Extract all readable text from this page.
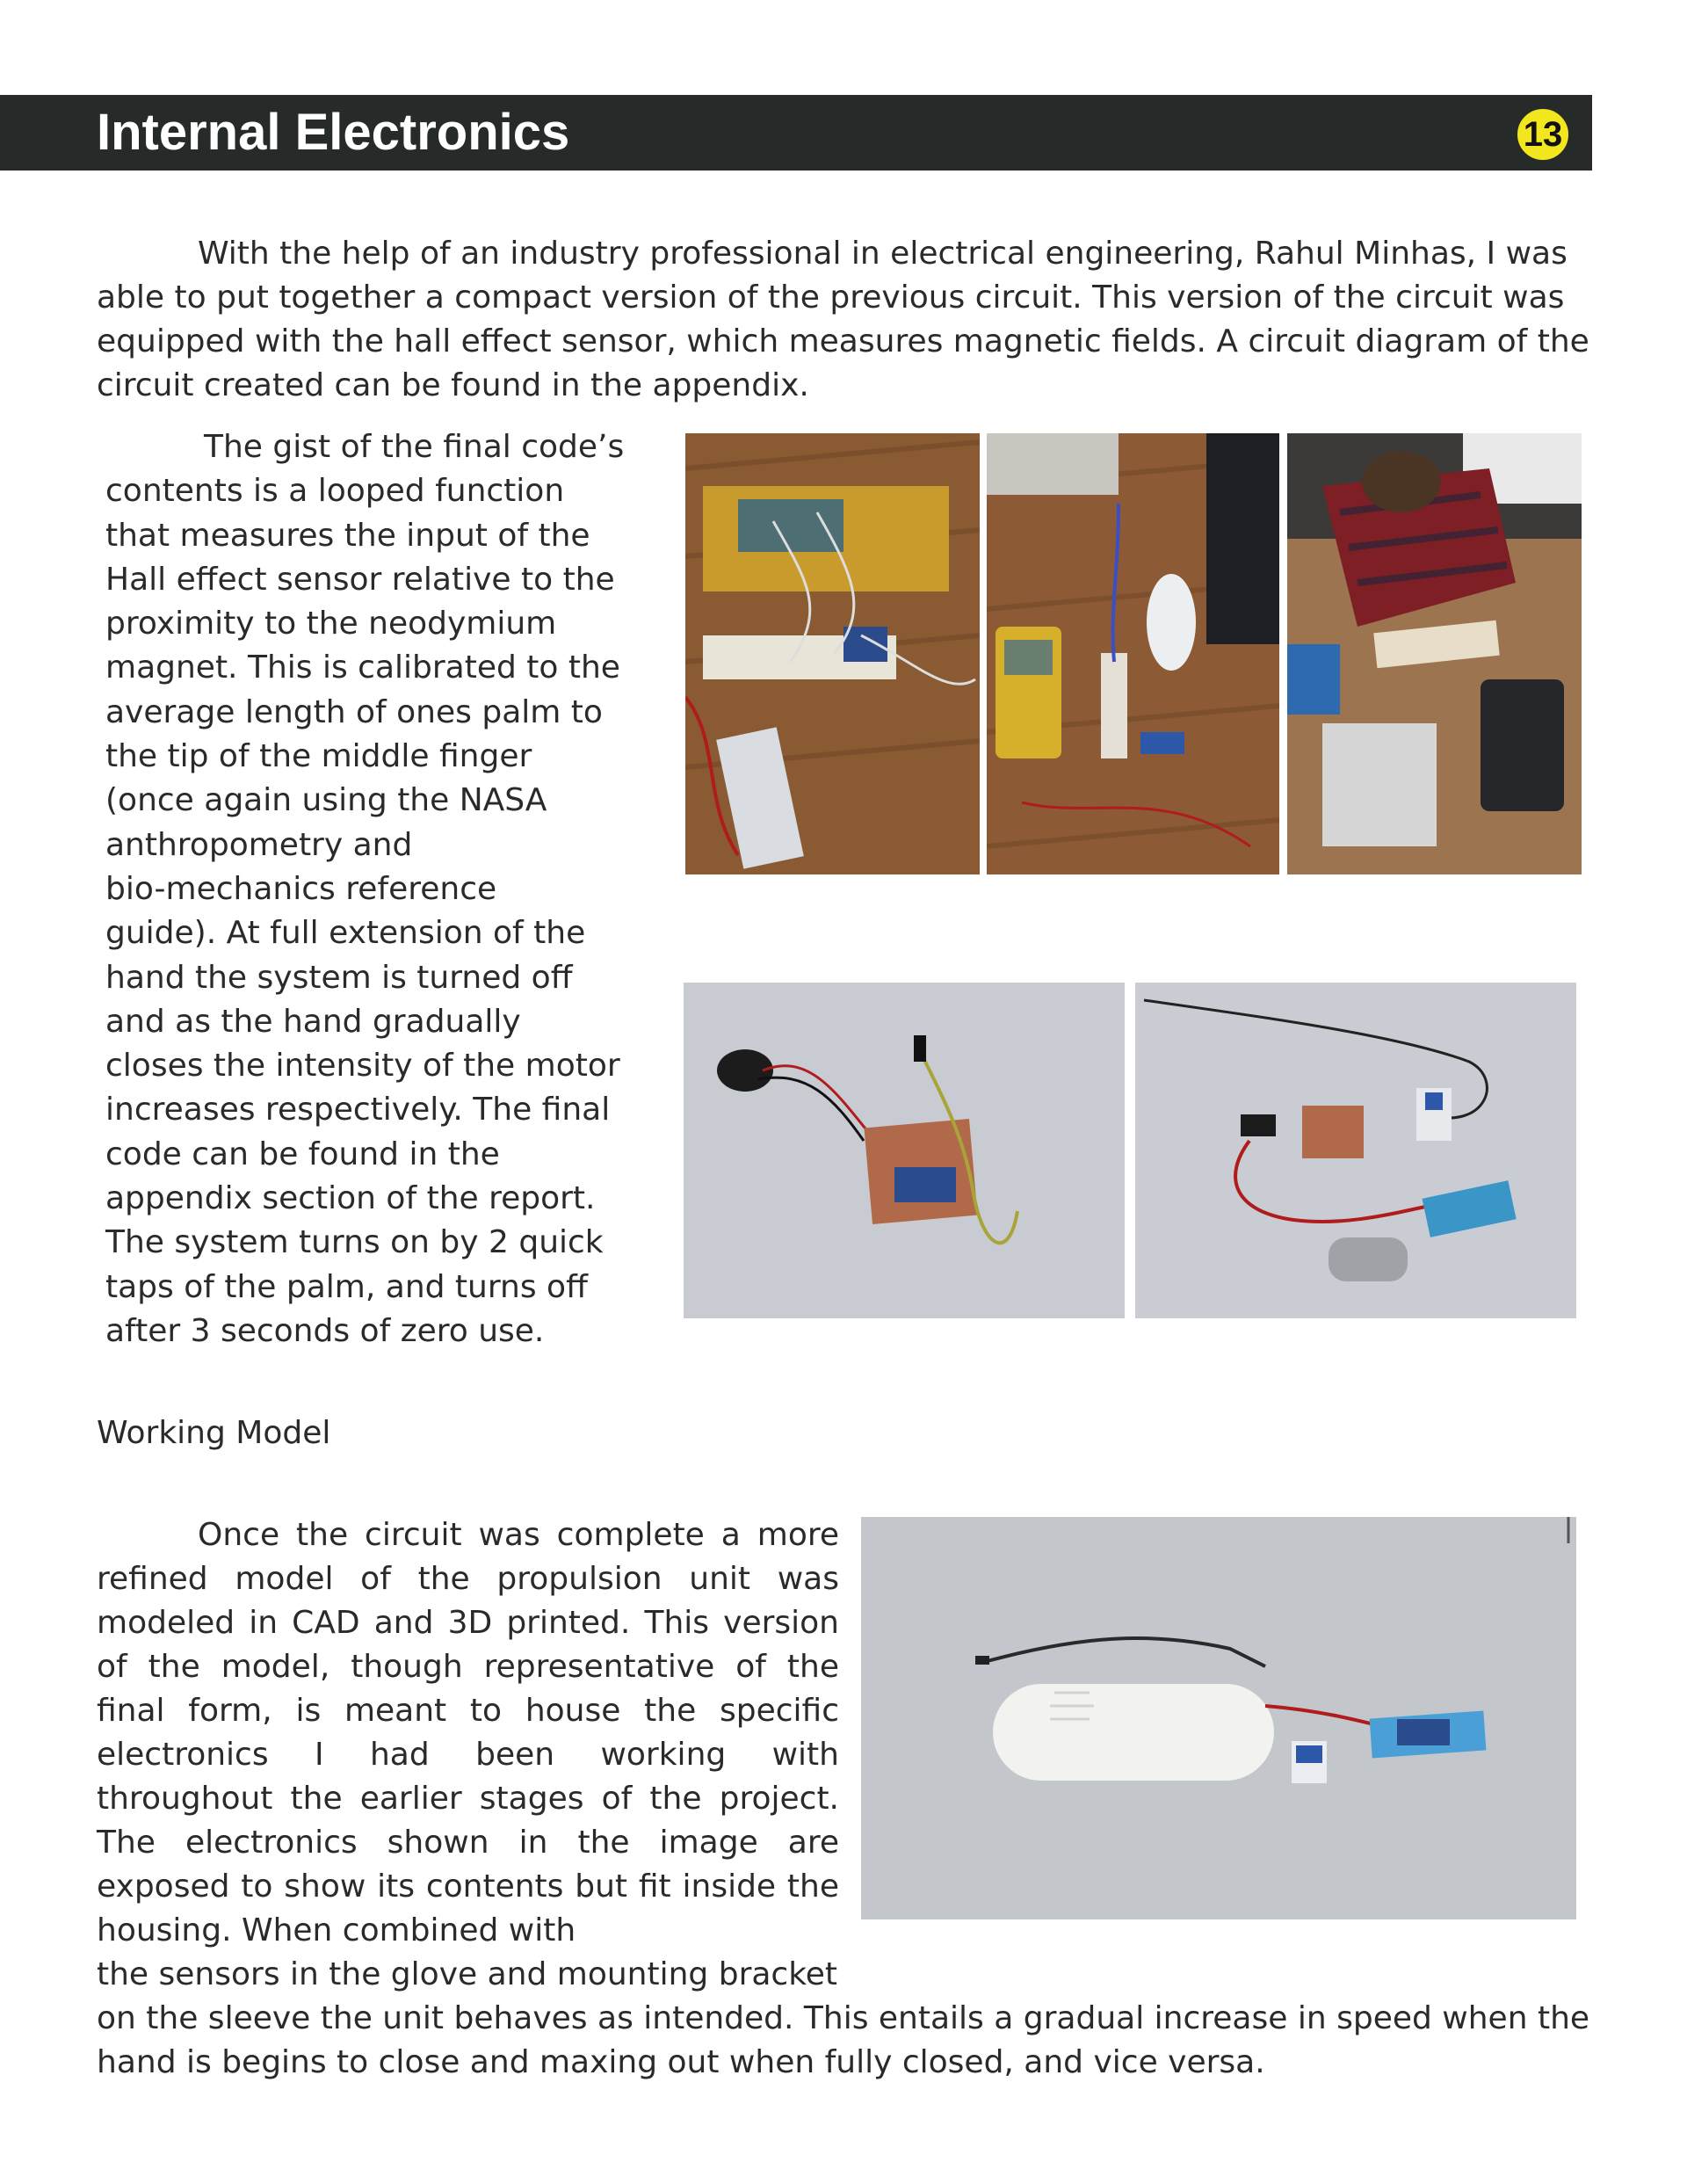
Internal Electronics	13

With the help of an industry professional in electrical engineering, Rahul Minhas, I was able to put together a compact version of the previous circuit. This version of the circuit was equipped with the hall effect sensor, which measures magnetic fields. A circuit diagram of the circuit created can be found in the appendix.

The gist of the final code’s
contents is a looped function
that measures the input of the
Hall effect sensor relative to the
proximity to the neodymium
magnet. This is calibrated to the
average length of ones palm to
the tip of the middle finger
(once again using the NASA
anthropometry and
bio-mechanics reference
guide). At full extension of the
hand the system is turned off
and as the hand gradually
closes the intensity of the motor
increases respectively. The final
code can be found in the
appendix section of the report.
The system turns on by 2 quick
taps of the palm, and turns off
after 3 seconds of zero use.
Working Model

Once the circuit was complete a more refined model of the propulsion unit was modeled in CAD and 3D printed. This version of the model, though representative of the final form, is meant to house the specific electronics I had been working with throughout the earlier stages of the project. The electronics shown in the image are exposed to show its contents but fit inside the housing. When combined with

the sensors in the glove and mounting bracket
on the sleeve the unit behaves as intended. This entails a gradual increase in speed when the
hand is begins to close and maxing out when fully closed, and vice versa.
